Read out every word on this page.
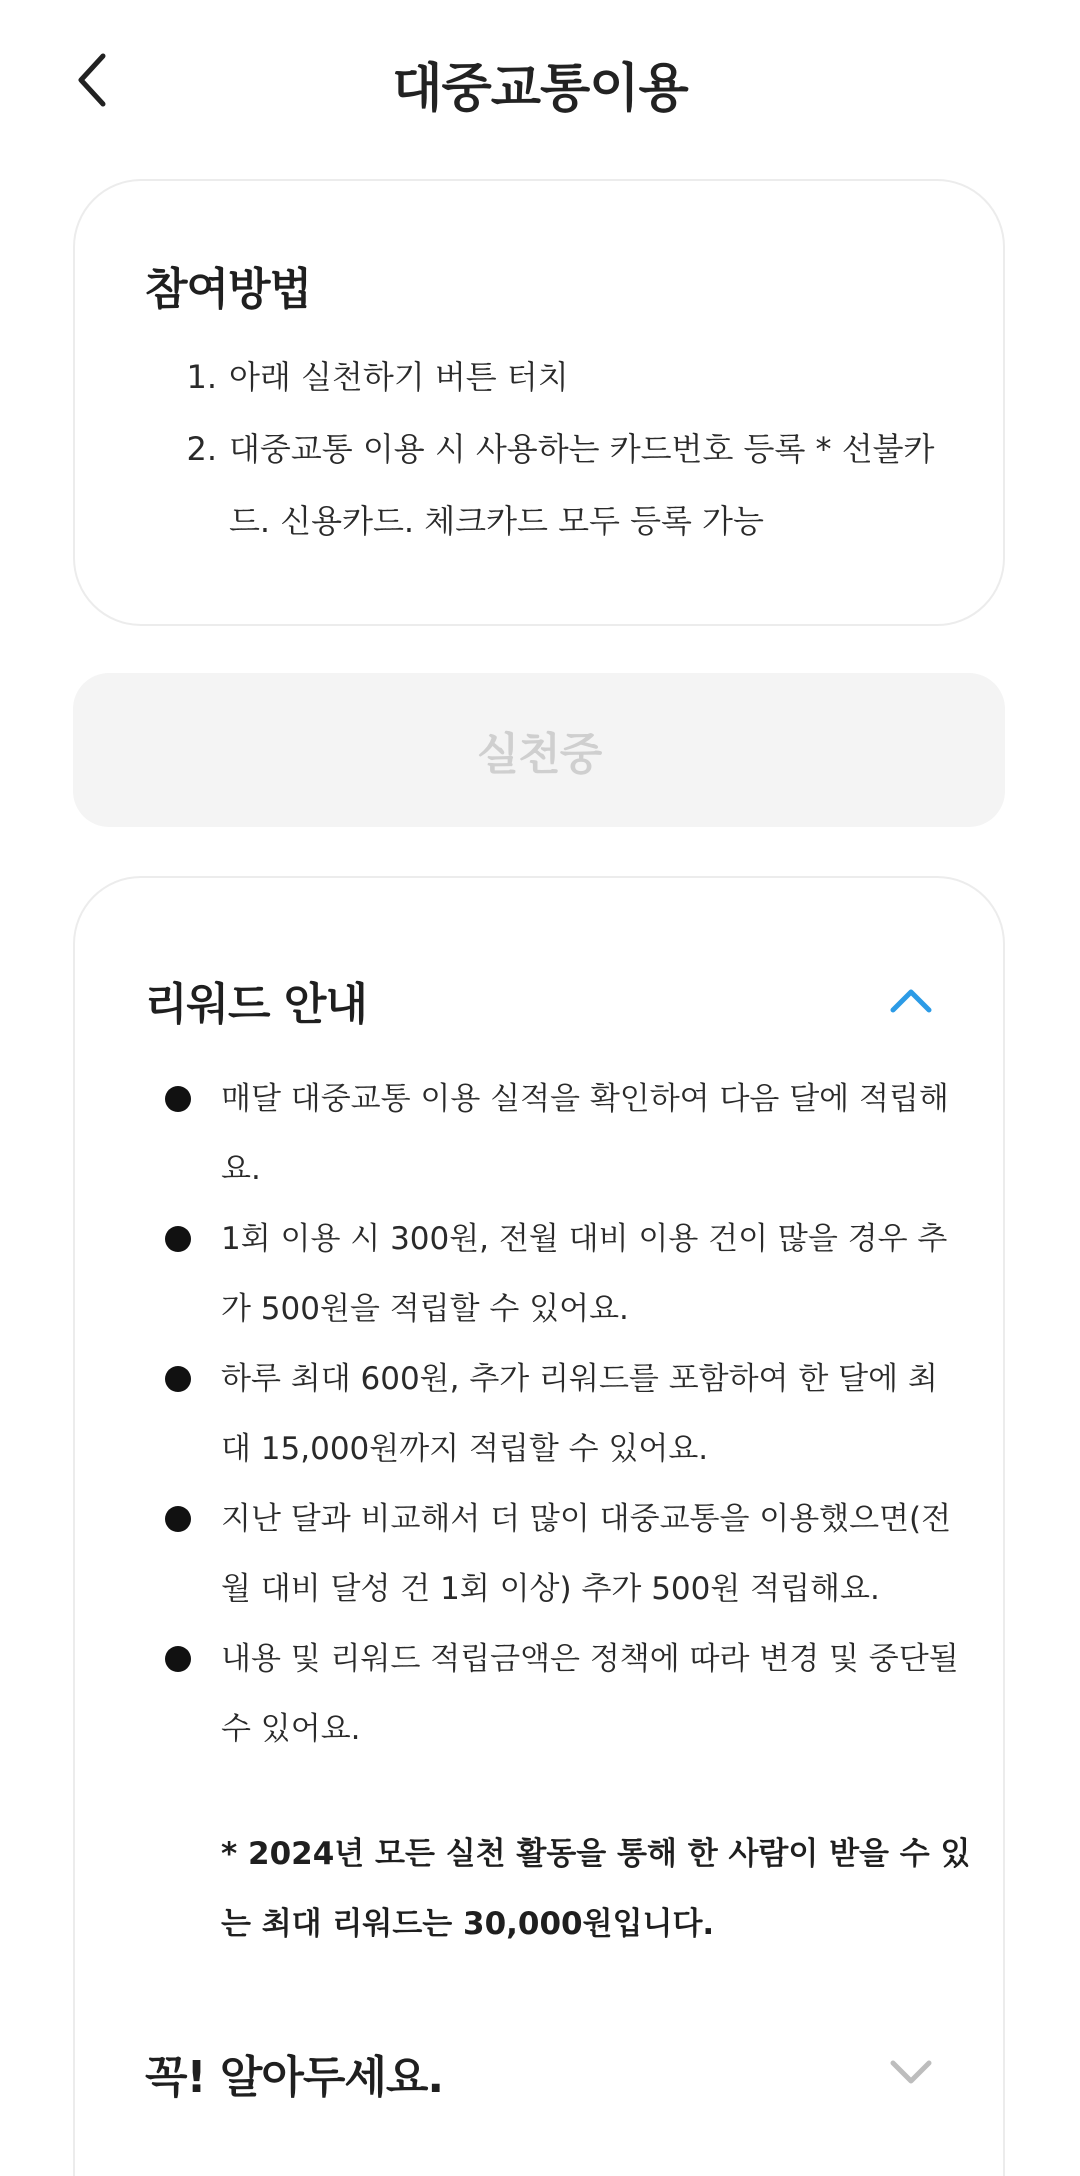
대중교통이용
참여방법
1. 아래 실천하기 버튼 터치
2. 대중교통 이용 시 사용하는 카드번호 등록 * 선불카드. 신용카드. 체크카드 모두 등록 가능
실천중
리워드 안내
매달 대중교통 이용 실적을 확인하여 다음 달에 적립해요.
1회 이용 시 300원, 전월 대비 이용 건이 많을 경우 추가 500원을 적립할 수 있어요.
하루 최대 600원, 추가 리워드를 포함하여 한 달에 최대 15,000원까지 적립할 수 있어요.
지난 달과 비교해서 더 많이 대중교통을 이용했으면(전월 대비 달성 건 1회 이상) 추가 500원 적립해요.
내용 및 리워드 적립금액은 정책에 따라 변경 및 중단될 수 있어요.
* 2024년 모든 실천 활동을 통해 한 사람이 받을 수 있는 최대 리워드는 30,000원입니다.
꼭! 알아두세요.
